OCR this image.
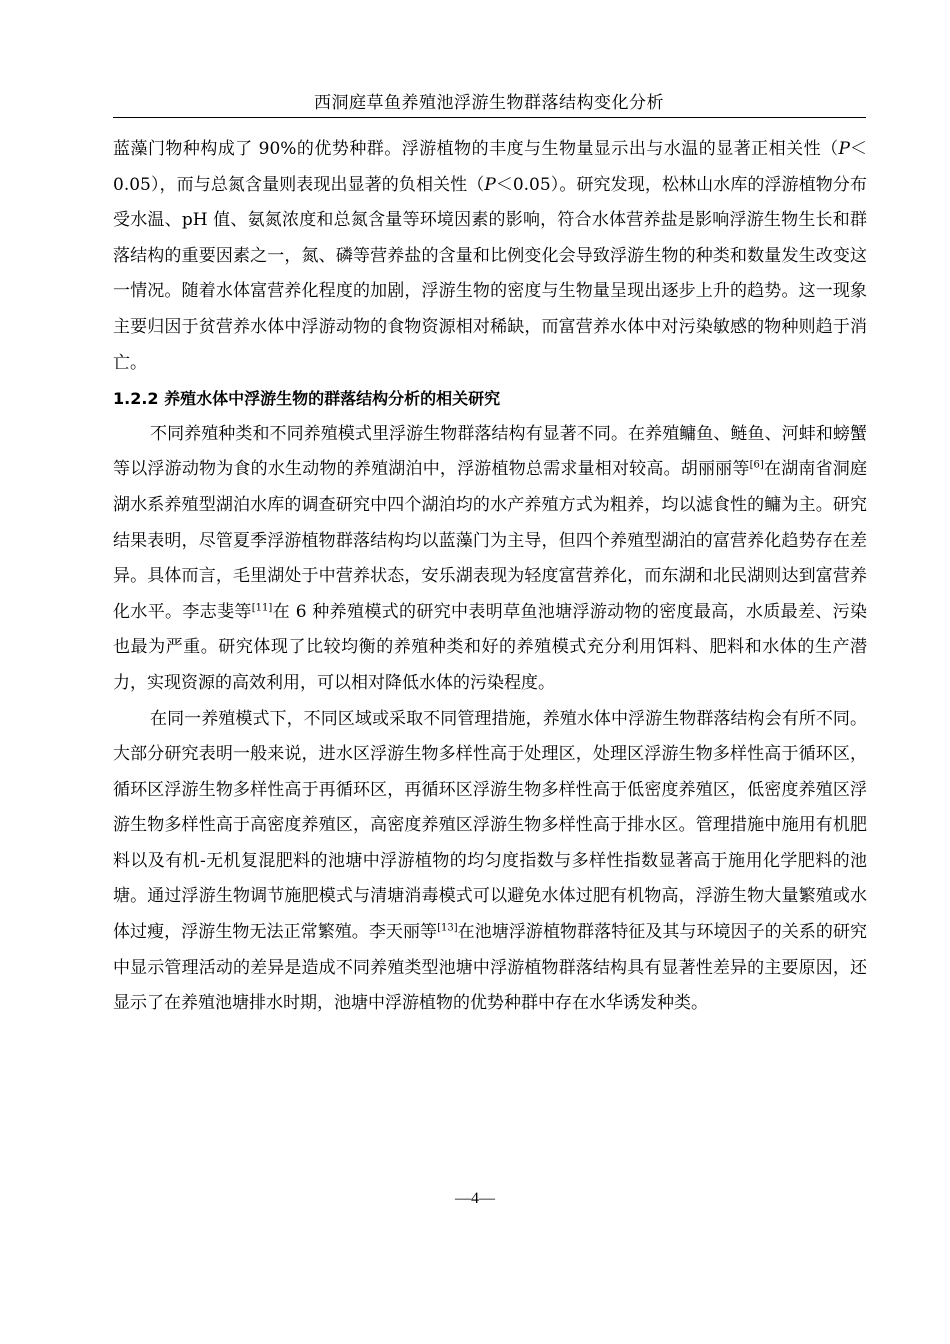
西洞庭草鱼养殖池浮游生物群落结构变化分析

蓝藻门物种构成了 90%的优势种群。浮游植物的丰度与生物量显示出与水温的显著正相关性（P＜0.05），而与总氮含量则表现出显著的负相关性（P＜0.05）。研究发现，松林山水库的浮游植物分布受水温、pH 值、氨氮浓度和总氮含量等环境因素的影响，符合水体营养盐是影响浮游生物生长和群落结构的重要因素之一，氮、磷等营养盐的含量和比例变化会导致浮游生物的种类和数量发生改变这一情况。随着水体富营养化程度的加剧，浮游生物的密度与生物量呈现出逐步上升的趋势。这一现象主要归因于贫营养水体中浮游动物的食物资源相对稀缺，而富营养水体中对污染敏感的物种则趋于消亡。

1.2.2 养殖水体中浮游生物的群落结构分析的相关研究

不同养殖种类和不同养殖模式里浮游生物群落结构有显著不同。在养殖鳙鱼、鲢鱼、河蚌和螃蟹等以浮游动物为食的水生动物的养殖湖泊中，浮游植物总需求量相对较高。胡丽丽等[6]在湖南省洞庭湖水系养殖型湖泊水库的调查研究中四个湖泊均的水产养殖方式为粗养，均以滤食性的鳙为主。研究结果表明，尽管夏季浮游植物群落结构均以蓝藻门为主导，但四个养殖型湖泊的富营养化趋势存在差异。具体而言，毛里湖处于中营养状态，安乐湖表现为轻度富营养化，而东湖和北民湖则达到富营养化水平。李志斐等[11]在 6 种养殖模式的研究中表明草鱼池塘浮游动物的密度最高，水质最差、污染也最为严重。研究体现了比较均衡的养殖种类和好的养殖模式充分利用饵料、肥料和水体的生产潜力，实现资源的高效利用，可以相对降低水体的污染程度。

在同一养殖模式下，不同区域或采取不同管理措施，养殖水体中浮游生物群落结构会有所不同。大部分研究表明一般来说，进水区浮游生物多样性高于处理区，处理区浮游生物多样性高于循环区，循环区浮游生物多样性高于再循环区，再循环区浮游生物多样性高于低密度养殖区，低密度养殖区浮游生物多样性高于高密度养殖区，高密度养殖区浮游生物多样性高于排水区。管理措施中施用有机肥料以及有机-无机复混肥料的池塘中浮游植物的均匀度指数与多样性指数显著高于施用化学肥料的池塘。通过浮游生物调节施肥模式与清塘消毒模式可以避免水体过肥有机物高，浮游生物大量繁殖或水体过瘦，浮游生物无法正常繁殖。李天丽等[13]在池塘浮游植物群落特征及其与环境因子的关系的研究中显示管理活动的差异是造成不同养殖类型池塘中浮游植物群落结构具有显著性差异的主要原因，还显示了在养殖池塘排水时期，池塘中浮游植物的优势种群中存在水华诱发种类。

—4—
